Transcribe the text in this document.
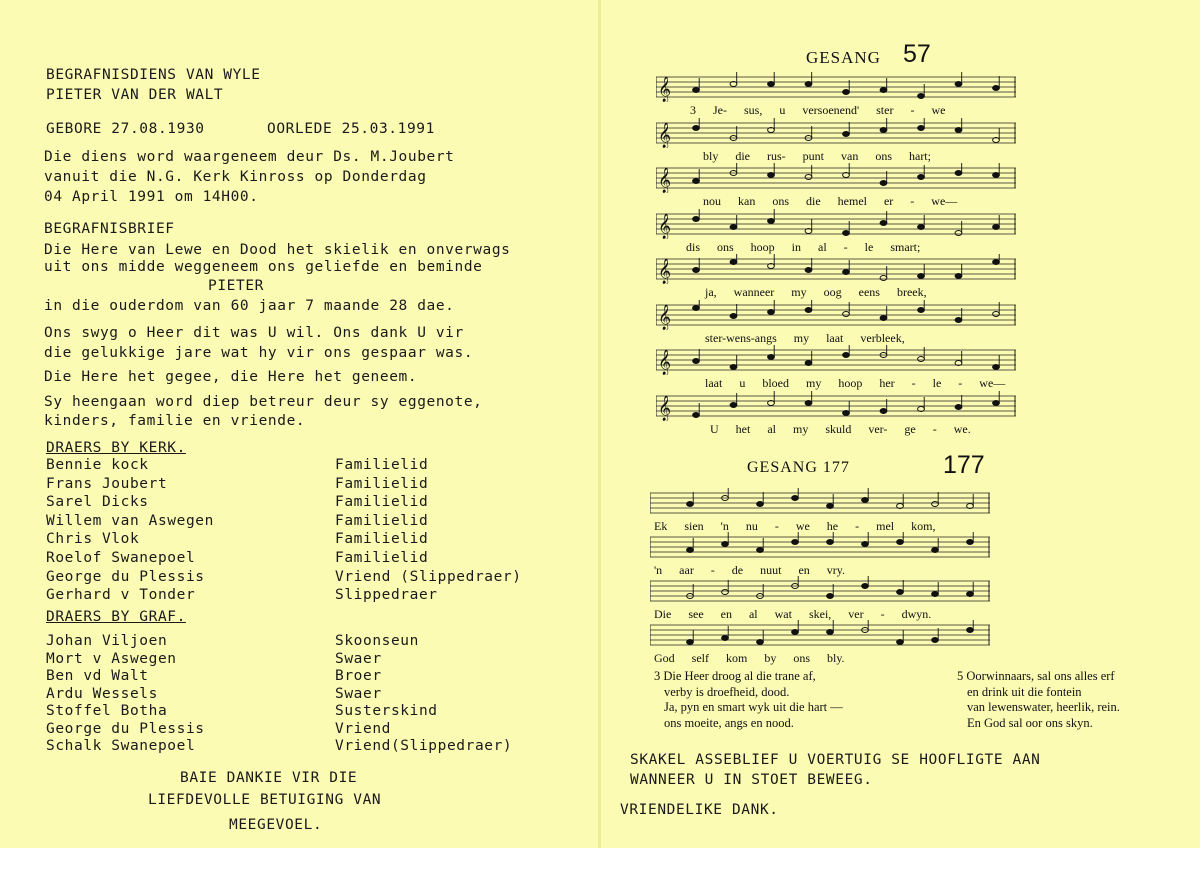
BEGRAFNISDIENS VAN WYLE
PIETER VAN DER WALT
GEBORE 27.08.1930	OORLEDE 25.03.1991
Die diens word waargeneem deur Ds. M.Joubert
vanuit die N.G. Kerk Kinross op Donderdag
04 April 1991 om 14H00.
BEGRAFNISBRIEF
Die Here van Lewe en Dood het skielik en onverwags
uit ons midde weggeneem ons geliefde en beminde
PIETER
in die ouderdom van 60 jaar 7 maande 28 dae.
Ons swyg o Heer dit was U wil. Ons dank U vir
die gelukkige jare wat hy vir ons gespaar was.
Die Here het gegee, die Here het geneem.
Sy heengaan word diep betreur deur sy eggenote,
kinders, familie en vriende.
DRAERS BY KERK.
Bennie kock	Familielid
Frans Joubert	Familielid
Sarel Dicks	Familielid
Willem van Aswegen	Familielid
Chris Vlok	Familielid
Roelof Swanepoel	Familielid
George du Plessis	Vriend (Slippedraer)
Gerhard v Tonder	Slippedraer
DRAERS BY GRAF.
Johan Viljoen	Skoonseun
Mort v Aswegen	Swaer
Ben vd Walt	Broer
Ardu Wessels	Swaer
Stoffel Botha	Susterskind
George du Plessis	Vriend
Schalk Swanepoel	Vriend(Slippedraer)
BAIE DANKIE VIR DIE
LIEFDEVOLLE BETUIGING VAN
MEEGEVOEL.
GESANG 57
𝄞
3 Je- sus, u versoenend' ster - we
𝄞
bly die rus- punt van ons hart;
𝄞
nou kan ons die hemel er - we—
𝄞
dis ons hoop in al - le smart;
𝄞
ja, wanneer my oog eens breek,
𝄞
ster-wens-angs my laat verbleek,
𝄞
laat u bloed my hoop her - le - we—
𝄞
U het al my skuld ver- ge - we.
GESANG 177	177
Ek sien 'n nu - we he - mel kom,
'n aar - de nuut en vry.
Die see en al wat skei, ver - dwyn.
God self kom by ons bly.
3 Die Heer droog al die trane af,
verby is droefheid, dood.
Ja, pyn en smart wyk uit die hart —
ons moeite, angs en nood.
5 Oorwinnaars, sal ons alles erf
en drink uit die fontein
van lewenswater, heerlik, rein.
En God sal oor ons skyn.
SKAKEL ASSEBLIEF U VOERTUIG SE HOOFLIGTE AAN
WANNEER U IN STOET BEWEEG.
VRIENDELIKE DANK.
